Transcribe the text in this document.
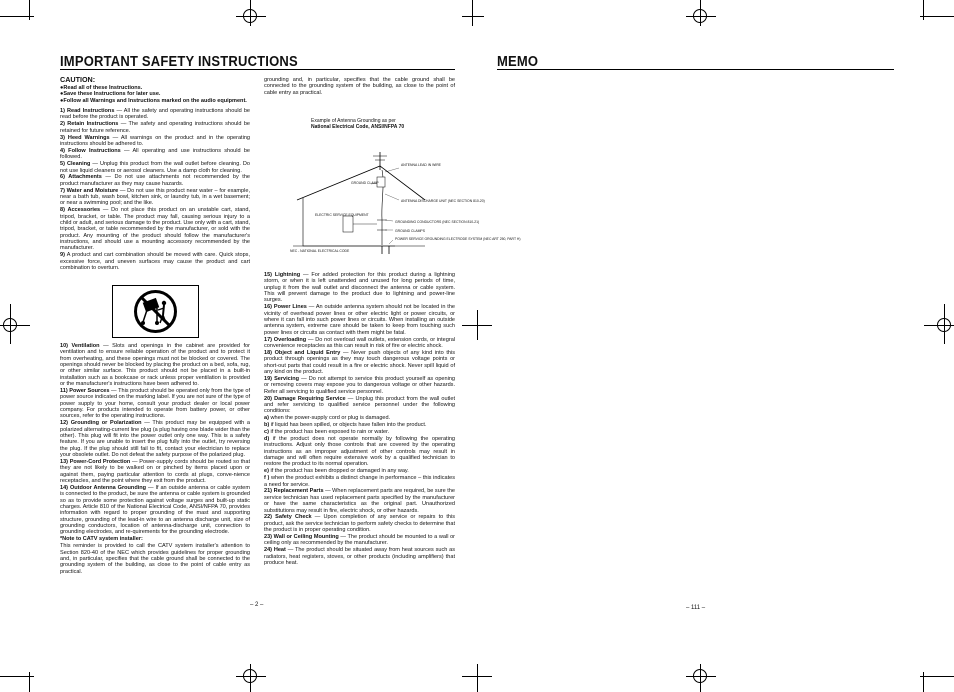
IMPORTANT SAFETY INSTRUCTIONS
CAUTION:
●Read all of these Instructions.
●Save these Instructions for later use.
●Follow all Warnings and Instructions marked on the audio equipment.

1) Read Instructions — All the safety and operating instructions should be read before the product is operated.

2) Retain Instructions — The safety and operating instructions should be retained for future reference.

3) Heed Warnings — All warnings on the product and in the operating instructions should be adhered to.

4) Follow Instructions — All operating and use instructions should be followed.

5) Cleaning — Unplug this product from the wall outlet before cleaning. Do not use liquid cleaners or aerosol cleaners. Use a damp cloth for cleaning.

6) Attachments — Do not use attachments not recommended by the product manufacturer as they may cause hazards.

7) Water and Moisture — Do not use this product near water – for example, near a bath tub, wash bowl, kitchen sink, or laundry tub, in a wet basement; or near a swimming pool; and the like.

8) Accessories — Do not place this product on an unstable cart, stand, tripod, bracket, or table. The product may fall, causing serious injury to a child or adult, and serious damage to the product. Use only with a cart, stand, tripod, bracket, or table recommended by the manufacturer, or sold with the product. Any mounting of the product should follow the manufacturer's instructions, and should use a mounting accessory recommended by the manufacturer.

9) A product and cart combination should be moved with care. Quick stops, excessive force, and uneven surfaces may cause the product and cart combination to overturn.

10) Ventilation — Slots and openings in the cabinet are provided for ventilation and to ensure reliable operation of the product and to protect it from overheating, and these openings must not be blocked or covered. The openings should never be blocked by placing the product on a bed, sofa, rug, or other similar surface. This product should not be placed in a built-in installation such as a bookcase or rack unless proper ventilation is provided or the manufacturer's instructions have been adhered to.

11) Power Sources — This product should be operated only from the type of power source indicated on the marking label. If you are not sure of the type of power supply to your home, consult your product dealer or local power company. For products intended to operate from battery power, or other sources, refer to the operating instructions.

12) Grounding or Polarization — This product may be equipped with a polarized alternating-current line plug (a plug having one blade wider than the other). This plug will fit into the power outlet only one way. This is a safety feature. If you are unable to insert the plug fully into the outlet, try reversing the plug. If the plug should still fail to fit, contact your electrician to replace your obsolete outlet. Do not defeat the safety purpose of the polarized plug.

13) Power-Cord Protection — Power-supply cords should be routed so that they are not likely to be walked on or pinched by items placed upon or against them, paying particular attention to cords at plugs, conve-nience receptacles, and the point where they exit from the product.

14) Outdoor Antenna Grounding — If an outside antenna or cable system is connected to the product, be sure the antenna or cable system is grounded so as to provide some protection against voltage surges and built-up static charges. Article 810 of the National Electrical Code, ANSI/NFPA 70, provides information with regard to proper grounding of the mast and supporting structure, grounding of the lead-in wire to an antenna discharge unit, size of grounding conductors, location of antenna-discharge unit, connection to grounding electrodes, and re-quirements for the grounding electrode.

*Note to CATV system installer:

This reminder is provided to call the CATV system installer's attention to Section 820-40 of the NEC which provides guidelines for proper grounding and, in particular, specifies that the cable ground shall be connected to the grounding system of the building, as close to the point of cable entry as practical.

grounding and, in particular, specifies that the cable ground shall be connected to the grounding system of the building, as close to the point of cable entry as practical.

Example of Antenna Grounding as per
National Electrical Code, ANSI/NFPA 70
ANTENNA LEAD IN WIRE
GROUND CLAMP
ANTENNA DISCHARGE UNIT (NEC SECTION 810-20)
ELECTRIC SERVICE EQUIPMENT
GROUNDING CONDUCTORS (NEC SECTION 810-21)
GROUND CLAMPS
POWER SERVICE GROUNDING ELECTRODE SYSTEM (NEC ART 250, PART H)
NEC - NATIONAL ELECTRICAL CODE

15) Lightning — For added protection for this product during a lightning storm, or when it is left unattended and unused for long periods of time, unplug it from the wall outlet and disconnect the antenna or cable system. This will prevent damage to the product due to lightning and power-line surges.

16) Power Lines — An outside antenna system should not be located in the vicinity of overhead power lines or other electric light or power circuits, or where it can fall into such power lines or circuits. When installing an outside antenna system, extreme care should be taken to keep from touching such power lines or circuits as contact with them might be fatal.

17) Overloading — Do not overload wall outlets, extension cords, or integral convenience receptacles as this can result in risk of fire or electric shock.

18) Object and Liquid Entry — Never push objects of any kind into this product through openings as they may touch dangerous voltage points or short-out parts that could result in a fire or electric shock. Never spill liquid of any kind on the product.

19) Servicing — Do not attempt to service this product yourself as opening or removing covers may expose you to dangerous voltage or other hazards. Refer all servicing to qualified service personnel.

20) Damage Requiring Service — Unplug this product from the wall outlet and refer servicing to qualified service personnel under the following conditions:

a) when the power-supply cord or plug is damaged.

b) if liquid has been spilled, or objects have fallen into the product.

c) if the product has been exposed to rain or water.

d) if the product does not operate normally by following the operating instructions. Adjust only those controls that are covered by the operating instructions as an improper adjustment of other controls may result in damage and will often require extensive work by a qualified technician to restore the product to its normal operation.

e) if the product has been dropped or damaged in any way.

f ) when the product exhibits a distinct change in performance – this indicates a need for service.

21) Replacement Parts — When replacement parts are required, be sure the service technician has used replacement parts specified by the manufacturer or have the same characteristics as the original part. Unauthorized substitutions may result in fire, electric shock, or other hazards.

22) Safety Check — Upon completion of any service or repairs to this product, ask the service technician to perform safety checks to determine that the product is in proper operating condition.

23) Wall or Ceiling Mounting — The product should be mounted to a wall or ceiling only as recommended by the manufacturer.

24) Heat — The product should be situated away from heat sources such as radiators, heat registers, stoves, or other products (including amplifiers) that produce heat.

– 2 –
MEMO
– 111 –
